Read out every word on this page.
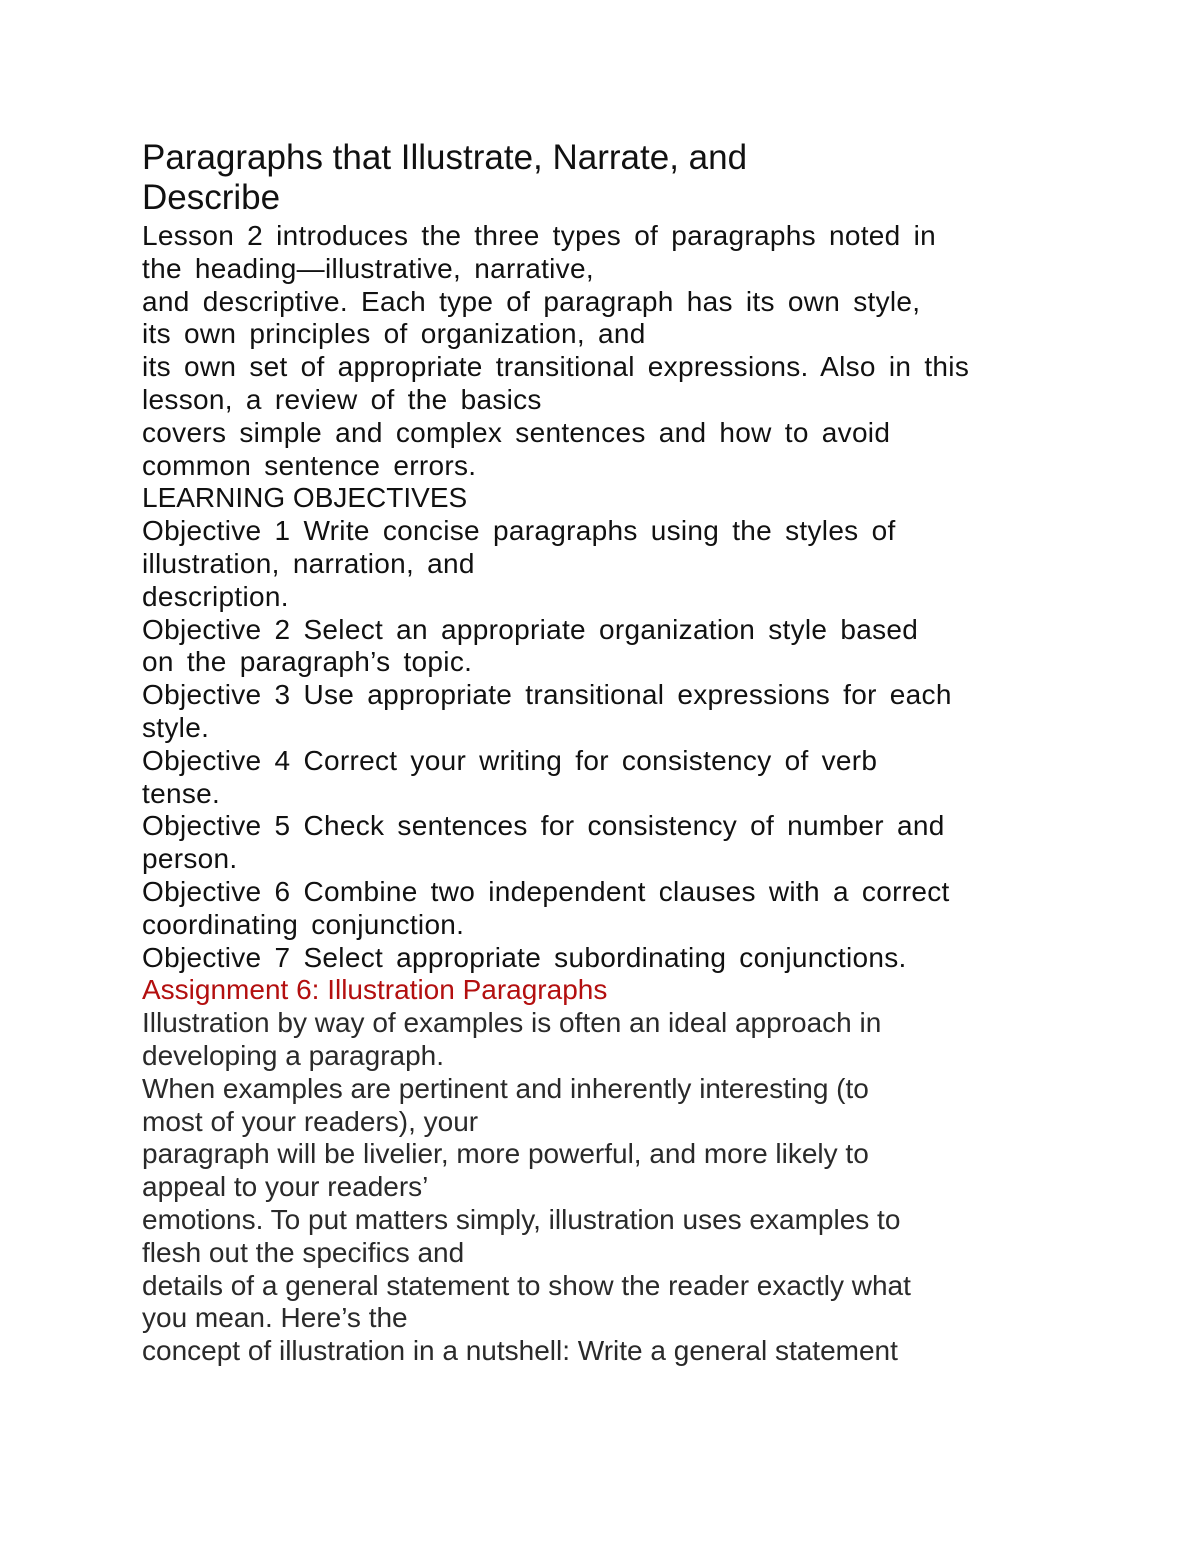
Paragraphs that Illustrate, Narrate, and
Describe
Lesson 2 introduces the three types of paragraphs noted in
the heading—illustrative, narrative,
and descriptive. Each type of paragraph has its own style,
its own principles of organization, and
its own set of appropriate transitional expressions. Also in this
lesson, a review of the basics
covers simple and complex sentences and how to avoid
common sentence errors.
LEARNING OBJECTIVES
Objective 1 Write concise paragraphs using the styles of
illustration, narration, and
description.
Objective 2 Select an appropriate organization style based
on the paragraph’s topic.
Objective 3 Use appropriate transitional expressions for each
style.
Objective 4 Correct your writing for consistency of verb
tense.
Objective 5 Check sentences for consistency of number and
person.
Objective 6 Combine two independent clauses with a correct
coordinating conjunction.
Objective 7 Select appropriate subordinating conjunctions.
Assignment 6: Illustration Paragraphs
Illustration by way of examples is often an ideal approach in
developing a paragraph.
When examples are pertinent and inherently interesting (to
most of your readers), your
paragraph will be livelier, more powerful, and more likely to
appeal to your readers’
emotions. To put matters simply, illustration uses examples to
flesh out the specifics and
details of a general statement to show the reader exactly what
you mean. Here’s the
concept of illustration in a nutshell: Write a general statement
